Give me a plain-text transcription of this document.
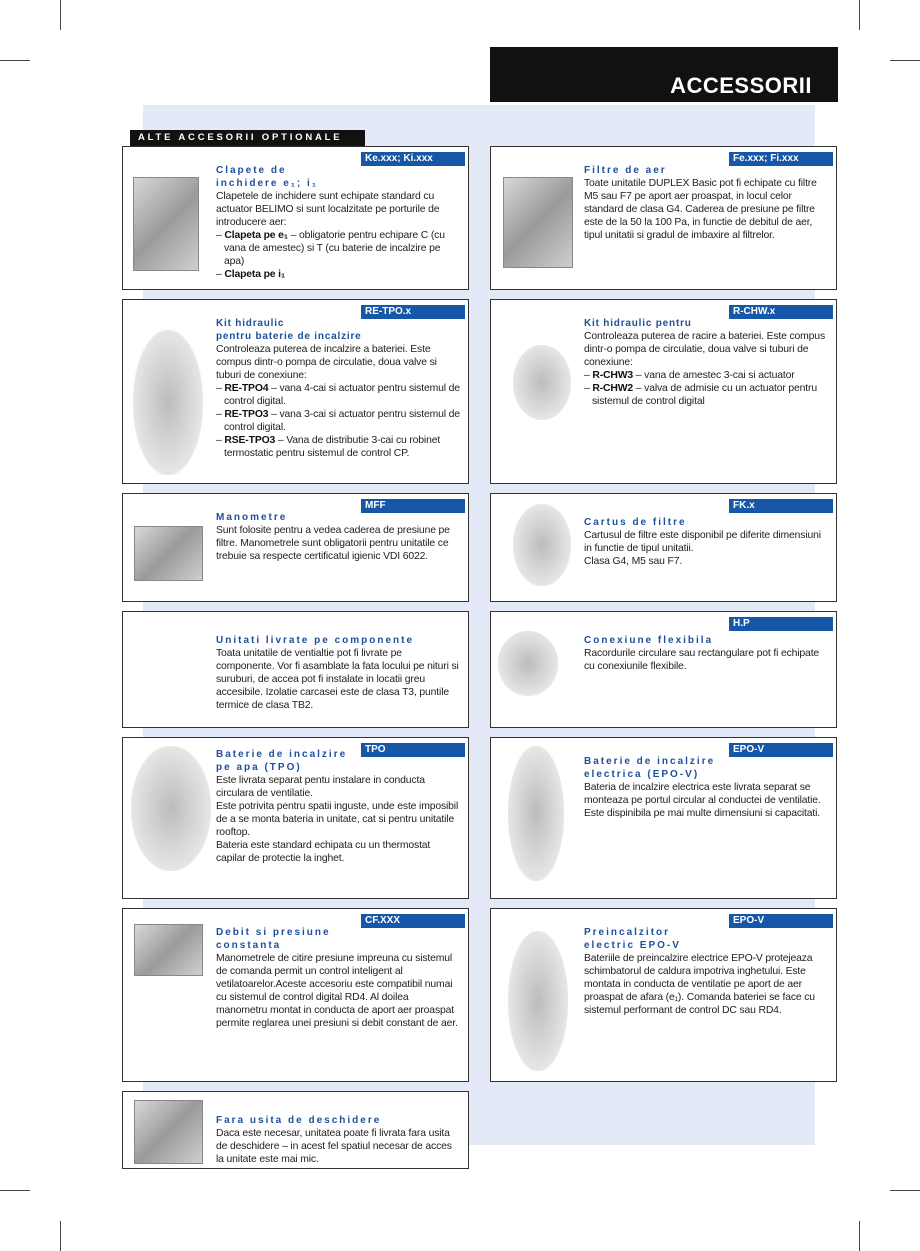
ACCESSORII
Ke.xxx; Ki.xxx
Clapete de
inchidere e₁; i₁
Clapetele de inchidere sunt echipate standard cu actuator BELIMO si sunt localzitate pe porturile de introducere aer:
– Clapeta pe e₁ – obligatorie pentru echipare C (cu vana de amestec) si T (cu baterie de incalzire pe apa)
– Clapeta pe i₁
Fe.xxx; Fi.xxx
Filtre de aer
Toate unitatile DUPLEX Basic pot fi echipate cu filtre M5 sau F7 pe aport aer proaspat, in locul celor standard de clasa G4. Caderea de presiune pe filtre este de la 50 la 100 Pa, in functie de debitul de aer, tipul unitatii si gradul de imbaxire al filtrelor.
RE-TPO.x
Kit hidraulic
pentru baterie de incalzire
Controleaza puterea de incalzire a bateriei. Este compus dintr-o pompa de circulatie, doua valve si tuburi de conexiune:
– RE-TPO4 – vana 4-cai si actuator pentru sistemul de control digital.
– RE-TPO3 – vana 3-cai si actuator pentru sistemul de control digital.
– RSE-TPO3 – Vana de distributie 3-cai cu robinet termostatic pentru sistemul de control CP.
R-CHW.x
Kit hidraulic pentru
Controleaza puterea de racire a bateriei. Este compus dintr-o pompa de circulatie, doua valve si tuburi de conexiune:
– R-CHW3 – vana de amestec 3-cai si actuator
– R-CHW2 – valva de admisie cu un actuator pentru sistemul de control digital
MFF
Manometre
Sunt folosite pentru a vedea caderea de presiune pe filtre. Manometrele sunt obligatorii pentru unitatile ce trebuie sa respecte certificatul igienic VDI 6022.
FK.x
Cartus de filtre
Cartusul de filtre este disponibil pe diferite dimensiuni in functie de tipul unitatii.
Clasa G4, M5 sau F7.
Unitati livrate pe componente
Toata unitatile de ventialtie pot fi livrate pe componente. Vor fi asamblate la fata locului pe nituri si suruburi, de accea pot fi instalate in locatii greu accesibile. Izolatie carcasei este de clasa T3, puntile termice de clasa TB2.
H.P
Conexiune flexibila
Racordurile circulare sau rectangulare pot fi echipate cu conexiunile flexibile.
TPO
Baterie de incalzire
pe apa (TPO)
Este livrata separat pentu instalare in conducta circulara de ventilatie.
Este potrivita pentru spatii inguste, unde este imposibil de a se monta bateria in unitate, cat si pentru unitatile rooftop.
Bateria este standard echipata cu un thermostat capilar de protectie la inghet.
EPO-V
Baterie de incalzire
electrica (EPO-V)
Bateria de incalzire electrica este livrata separat se monteaza pe portul circular al conductei de ventilatie. Este dispinibila pe mai multe dimensiuni si capacitati.
CF.XXX
Debit si presiune
constanta
Manometrele de citire presiune impreuna cu sistemul de comanda permit un control inteligent al vetilatoarelor.Aceste accesoriu este compatibil numai cu sistemul de control digital RD4. Al doilea manometru montat in conducta de aport aer proaspat permite reglarea unei presiuni si debit constant de aer.
EPO-V
Preincalzitor
electric EPO-V
Bateriile de preincalzire electrice EPO-V protejeaza schimbatorul de caldura impotriva inghetului. Este montata in conducta de ventilatie pe aport de aer proaspat de afara (e₁). Comanda bateriei se face cu sistemul performant de control DC sau RD4.
Fara usita de deschidere
Daca este necesar, unitatea poate fi livrata fara usita de deschidere – in acest fel spatiul necesar de acces la unitate este mai mic.
ALTE ACCESORII OPTIONALE
